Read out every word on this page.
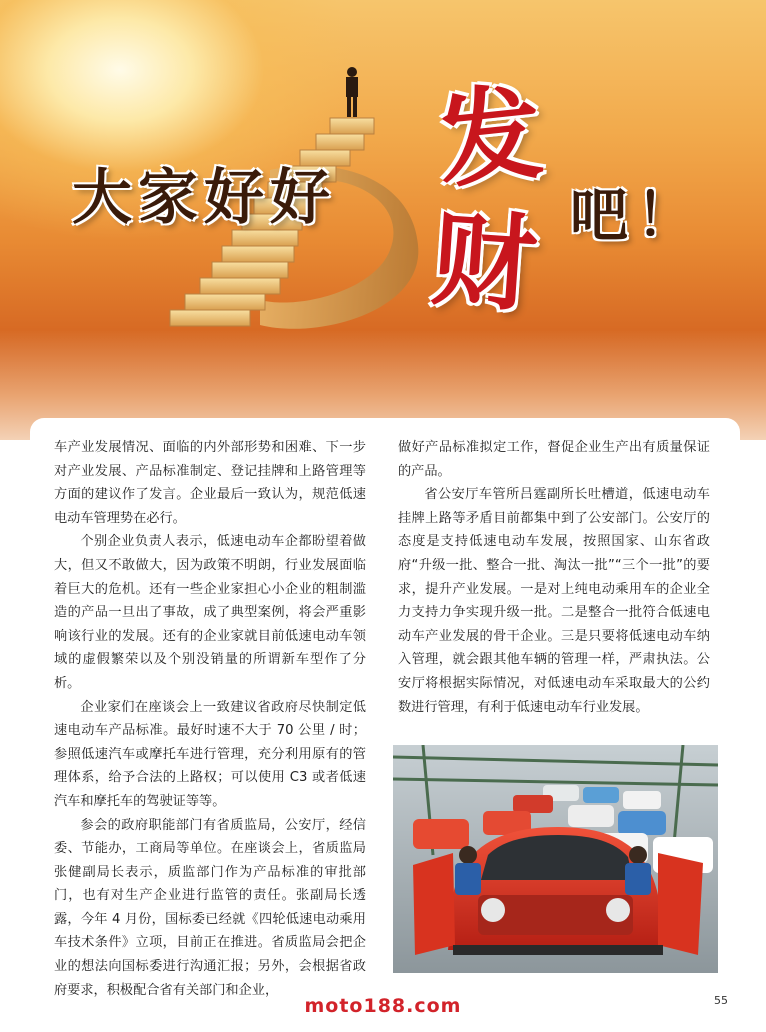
大家好好 发
财 吧！

车产业发展情况、面临的内外部形势和困难、下一步对产业发展、产品标准制定、登记挂牌和上路管理等方面的建议作了发言。企业最后一致认为，规范低速电动车管理势在必行。

个别企业负责人表示，低速电动车企都盼望着做大，但又不敢做大，因为政策不明朗，行业发展面临着巨大的危机。还有一些企业家担心小企业的粗制滥造的产品一旦出了事故，成了典型案例，将会严重影响该行业的发展。还有的企业家就目前低速电动车领域的虚假繁荣以及个别没销量的所谓新车型作了分析。

企业家们在座谈会上一致建议省政府尽快制定低速电动车产品标准。最好时速不大于 70 公里 / 时；参照低速汽车或摩托车进行管理，充分利用原有的管理体系，给予合法的上路权；可以使用 C3 或者低速汽车和摩托车的驾驶证等等。

参会的政府职能部门有省质监局，公安厅，经信委、节能办，工商局等单位。在座谈会上，省质监局张健副局长表示，质监部门作为产品标准的审批部门，也有对生产企业进行监管的责任。张副局长透露，今年 4 月份，国标委已经就《四轮低速电动乘用车技术条件》立项，目前正在推进。省质监局会把企业的想法向国标委进行沟通汇报；另外，会根据省政府要求，积极配合省有关部门和企业，

做好产品标准拟定工作，督促企业生产出有质量保证的产品。

省公安厅车管所吕霆副所长吐槽道，低速电动车挂牌上路等矛盾目前都集中到了公安部门。公安厅的态度是支持低速电动车发展，按照国家、山东省政府“升级一批、整合一批、淘汰一批”“三个一批”的要求，提升产业发展。一是对上纯电动乘用车的企业全力支持力争实现升级一批。二是整合一批符合低速电动车产业发展的骨干企业。三是只要将低速电动车纳入管理，就会跟其他车辆的管理一样，严肃执法。公安厅将根据实际情况，对低速电动车采取最大的公约数进行管理，有利于低速电动车行业发展。

moto188.com	55
